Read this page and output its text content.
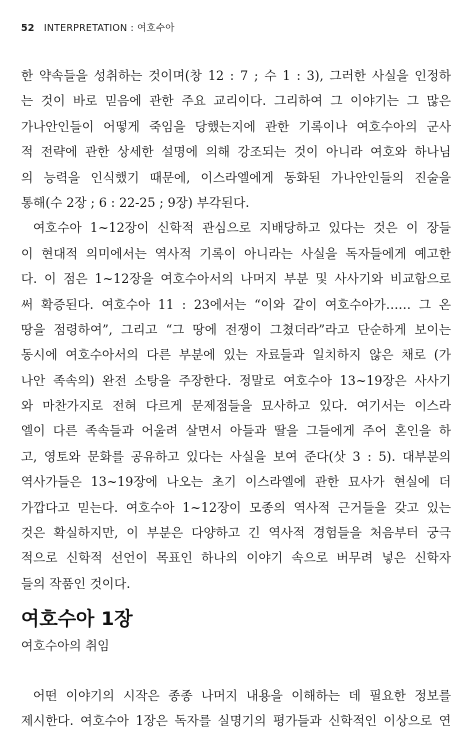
52 INTERPRETATION : 여호수아
한 약속들을 성취하는 것이며(창 12 : 7 ; 수 1 : 3), 그러한 사실을 인정하
는 것이 바로 믿음에 관한 주요 교리이다. 그리하여 그 이야기는 그 많은
가나안인들이 어떻게 죽임을 당했는지에 관한 기록이나 여호수아의 군사
적 전략에 관한 상세한 설명에 의해 강조되는 것이 아니라 여호와 하나님
의 능력을 인식했기 때문에, 이스라엘에게 동화된 가나안인들의 진술을
통해(수 2장 ; 6 : 22-25 ; 9장) 부각된다.
여호수아 1~12장이 신학적 관심으로 지배당하고 있다는 것은 이 장들
이 현대적 의미에서는 역사적 기록이 아니라는 사실을 독자들에게 예고한
다. 이 점은 1~12장을 여호수아서의 나머지 부분 및 사사기와 비교함으로
써 확증된다. 여호수아 11 : 23에서는 “이와 같이 여호수아가…… 그 온
땅을 점령하여”, 그리고 “그 땅에 전쟁이 그쳤더라”라고 단순하게 보이는
동시에 여호수아서의 다른 부분에 있는 자료들과 일치하지 않은 채로 (가
나안 족속의) 완전 소탕을 주장한다. 정말로 여호수아 13~19장은 사사기
와 마찬가지로 전혀 다르게 문제점들을 묘사하고 있다. 여기서는 이스라
엘이 다른 족속들과 어울려 살면서 아들과 딸을 그들에게 주어 혼인을 하
고, 영토와 문화를 공유하고 있다는 사실을 보여 준다(삿 3 : 5). 대부분의
역사가들은 13~19장에 나오는 초기 이스라엘에 관한 묘사가 현실에 더
가깝다고 믿는다. 여호수아 1~12장이 모종의 역사적 근거들을 갖고 있는
것은 확실하지만, 이 부분은 다양하고 긴 역사적 경험들을 처음부터 궁극
적으로 신학적 선언이 목표인 하나의 이야기 속으로 버무려 넣은 신학자
들의 작품인 것이다.
여호수아 1장
여호수아의 취임
어떤 이야기의 시작은 종종 나머지 내용을 이해하는 데 필요한 정보를
제시한다. 여호수아 1장은 독자를 실명기의 평가들과 신학적인 이상으로 연
